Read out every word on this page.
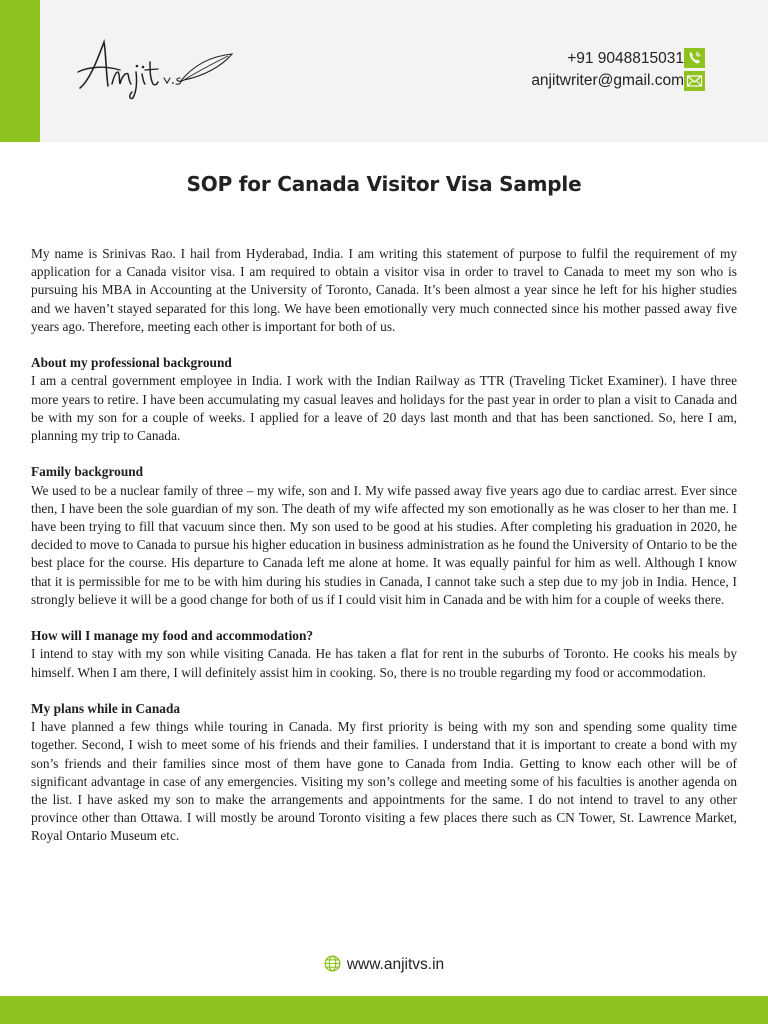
+91 9048815031
anjitwriter@gmail.com
SOP for Canada Visitor Visa Sample

My name is Srinivas Rao. I hail from Hyderabad, India. I am writing this statement of purpose to fulfil the requirement of my application for a Canada visitor visa. I am required to obtain a visitor visa in order to travel to Canada to meet my son who is pursuing his MBA in Accounting at the University of Toronto, Canada. It’s been almost a year since he left for his higher studies and we haven’t stayed separated for this long. We have been emotionally very much connected since his mother passed away five years ago. Therefore, meeting each other is important for both of us.

About my professional background

I am a central government employee in India. I work with the Indian Railway as TTR (Traveling Ticket Examiner). I have three more years to retire. I have been accumulating my casual leaves and holidays for the past year in order to plan a visit to Canada and be with my son for a couple of weeks. I applied for a leave of 20 days last month and that has been sanctioned. So, here I am, planning my trip to Canada.

Family background

We used to be a nuclear family of three – my wife, son and I. My wife passed away five years ago due to cardiac arrest. Ever since then, I have been the sole guardian of my son. The death of my wife affected my son emotionally as he was closer to her than me. I have been trying to fill that vacuum since then. My son used to be good at his studies. After completing his graduation in 2020, he decided to move to Canada to pursue his higher education in business administration as he found the University of Ontario to be the best place for the course. His departure to Canada left me alone at home. It was equally painful for him as well. Although I know that it is permissible for me to be with him during his studies in Canada, I cannot take such a step due to my job in India. Hence, I strongly believe it will be a good change for both of us if I could visit him in Canada and be with him for a couple of weeks there.

How will I manage my food and accommodation?

I intend to stay with my son while visiting Canada. He has taken a flat for rent in the suburbs of Toronto. He cooks his meals by himself. When I am there, I will definitely assist him in cooking. So, there is no trouble regarding my food or accommodation.

My plans while in Canada

I have planned a few things while touring in Canada. My first priority is being with my son and spending some quality time together. Second, I wish to meet some of his friends and their families. I understand that it is important to create a bond with my son’s friends and their families since most of them have gone to Canada from India. Getting to know each other will be of significant advantage in case of any emergencies. Visiting my son’s college and meeting some of his faculties is another agenda on the list. I have asked my son to make the arrangements and appointments for the same. I do not intend to travel to any other province other than Ottawa. I will mostly be around Toronto visiting a few places there such as CN Tower, St. Lawrence Market, Royal Ontario Museum etc.

www.anjitvs.in
